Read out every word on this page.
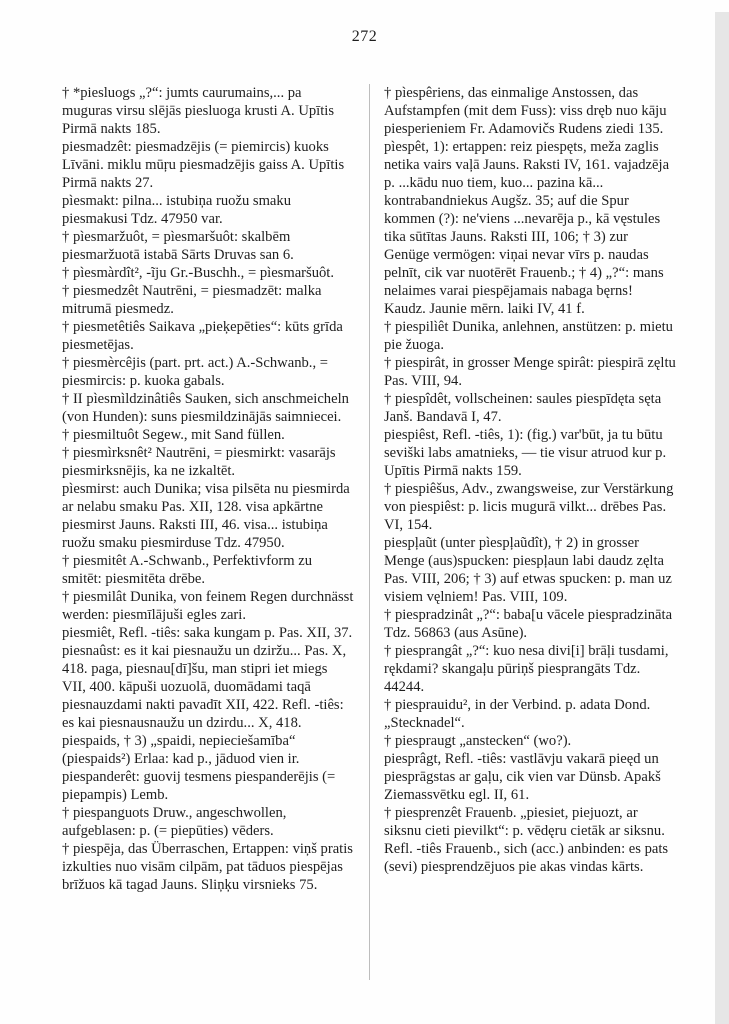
272
† *piesluogs „?“: jumts caurumains,... pa muguras virsu slējās piesluoga krusti A. Upītis Pirmā nakts 185.
piesmadzêt: piesmadzējis (= piemircis) kuoks Līvāni. miklu mūŗu piesmadzējis gaiss A. Upītis Pirmā nakts 27.
pìesmakt: pilna... istubiņa ruožu smaku piesmakusi Tdz. 47950 var.
† pìesmaržuôt, = pìesmaršuôt: skalbēm piesmaržuotā istabā Sārts Druvas san 6.
† pìesmàrdît², -ĩju Gr.-Buschh., = pìesmaršuôt.
† piesmedzêt Nautrēni, = piesmadzēt: malka mitrumā piesmedz.
† piesmetêtiês Saikava „pieķepēties“: kūts grīda piesmetējas.
† piesmèrcêjis (part. prt. act.) A.-Schwanb., = piesmircis: p. kuoka gabals.
† II pìesmìldzinâtiês Sauken, sich anschmeicheln (von Hunden): suns piesmildzinājās saimniecei.
† piesmiltuôt Segew., mit Sand füllen.
† piesmìrksnêt² Nautrēni, = piesmirkt: vasarājs piesmirksnējis, ka ne izkaltēt.
pìesmirst: auch Dunika; visa pilsēta nu piesmirda ar nelabu smaku Pas. XII, 128. visa apkārtne piesmirst Jauns. Raksti III, 46. visa... istubiņa ruožu smaku piesmirduse Tdz. 47950.
† piesmitêt A.-Schwanb., Perfektivform zu smitēt: piesmitēta drēbe.
† piesmilât Dunika, von feinem Regen durchnässt werden: piesmīlājuši egles zari.
piesmiêt, Refl. -tiês: saka kungam p. Pas. XII, 37.
piesnaûst: es it kai piesnaužu un dziržu... Pas. X, 418. paga, piesnau[dī]šu, man stipri iet miegs VII, 400. kāpuši uozuolā, duomādami taqā piesnauzdami nakti pavadīt XII, 422. Refl. -tiês: es kai piesnausnaužu un dzirdu... X, 418.
piespaids, † 3) „spaidi, nepieciešamība“ (piespaids²) Erlaa: kad p., jāduod vien ir.
piespanderêt: guovij tesmens piespanderējis (= piepampis) Lemb.
† piespanguots Druw., angeschwollen, aufgeblasen: p. (= piepūties) vēders.
† piespēja, das Überraschen, Ertappen: viņš pratis izkulties nuo visām cilpām, pat tāduos piespējas brīžuos kā tagad Jauns. Sliņķu virsnieks 75.
† pìespêriens, das einmalige Anstossen, das Aufstampfen (mit dem Fuss): viss dręb nuo kāju piesperieniem Fr. Adamovičs Rudens ziedi 135.
pìespêt, 1): ertappen: reiz piespęts, meža zaglis netika vairs vaļā Jauns. Raksti IV, 161. vajadzēja p. ...kādu nuo tiem, kuo... pazina kā... kontrabandniekus Augšz. 35; auf die Spur kommen (?): ne'viens ...nevarēja p., kā vęstules tika sūtītas Jauns. Raksti III, 106; † 3) zur Genüge vermögen: viņai nevar vīrs p. naudas pelnīt, cik var nuotērēt Frauenb.; † 4) „?“: mans nelaimes varai piespējamais nabaga bęrns! Kaudz. Jaunie mērn. laiki IV, 41 f.
† piespilìêt Dunika, anlehnen, anstützen: p. mietu pie žuoga.
† piespirât, in grosser Menge spirât: piespirā zęltu Pas. VIII, 94.
† piespîdêt, vollscheinen: saules piespīdęta sęta Janš. Bandavā I, 47.
piespiêst, Refl. -tiês, 1): (fig.) var'būt, ja tu būtu seviški labs amatnieks, — tie visur atruod kur p. Upītis Pirmā nakts 159.
† piespiêšus, Adv., zwangsweise, zur Verstärkung von piespiêst: p. licis mugurā vilkt... drēbes Pas. VI, 154.
piespļaũt (unter pìespļaũdît), † 2) in grosser Menge (aus)spucken: piespļaun labi daudz zęlta Pas. VIII, 206; † 3) auf etwas spucken: p. man uz visiem vęlniem! Pas. VIII, 109.
† piespradzinât „?“: baba[u vācele piespradzināta Tdz. 56863 (aus Asūne).
† piesprangât „?“: kuo nesa divi[i] brāļi tusdami, rękdami? skangaļu pūriņš piesprangāts Tdz. 44244.
† piesprauidu², in der Verbind. p. adata Dond. „Stecknadel“.
† piespraugt „anstecken“ (wo?).
piesprâgt, Refl. -tiês: vastlāvju vakarā pieęd un piesprāgstas ar gaļu, cik vien var Dünsb. Apakš Ziemassvētku egl. II, 61.
† piesprenzêt Frauenb. „piesiet, piejuozt, ar siksnu cieti pievilkt“: p. vēdęru cietāk ar siksnu. Refl. -tiês Frauenb., sich (acc.) anbinden: es pats (sevi) piesprendzējuos pie akas vindas kārts.
